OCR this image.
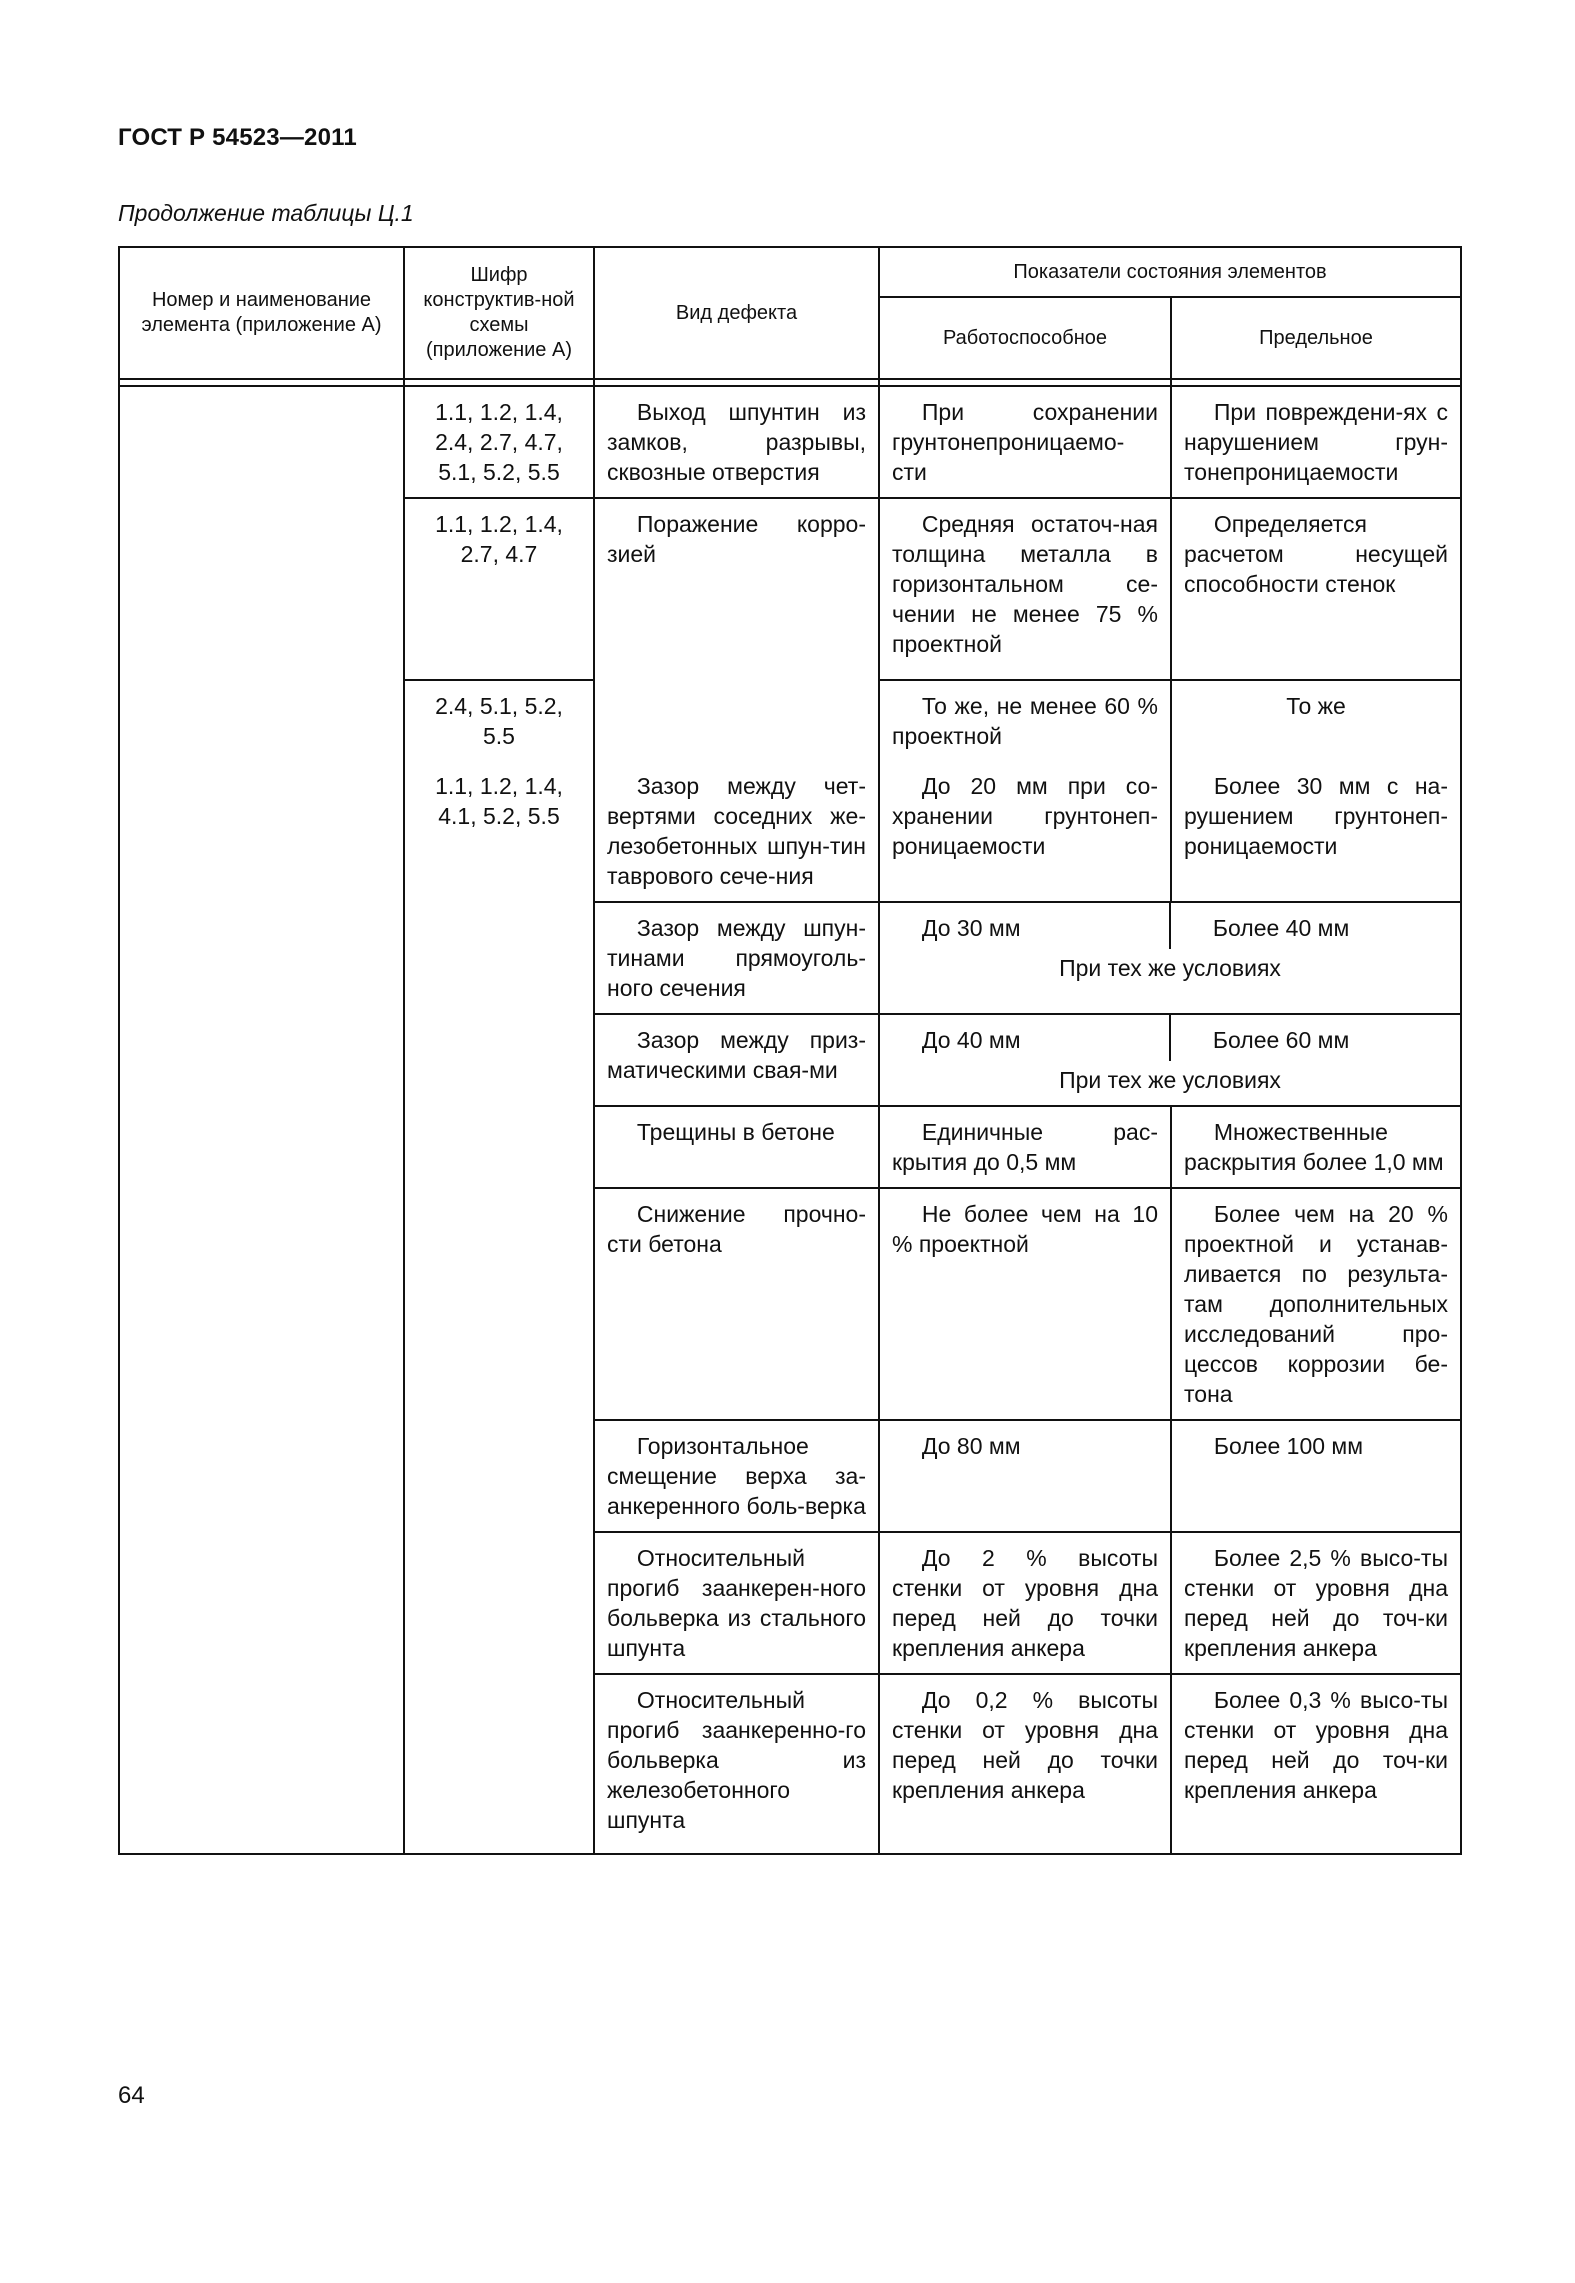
ГОСТ Р 54523—2011
Продолжение таблицы Ц.1
Номер и наименование элемента (приложение А)	Шифр конструктив-ной схемы (приложение А)	Вид дефекта	Показатели состояния элементов	
			Работоспособное	Предельное

	1.1, 1.2, 1.4, 2.4, 2.7, 4.7, 5.1, 5.2, 5.5	Выход шпунтин из замков, разрывы, сквозные отверстия	При сохранении грунтонепроницаемо-сти	При повреждени-ях с нарушением грун-тонепроницаемости
	1.1, 1.2, 1.4, 2.7, 4.7	Поражение корро-зией	Средняя остаточ-ная толщина металла в горизонтальном се-чении не менее 75 % проектной	Определяется расчетом несущей способности стенок
	2.4, 5.1, 5.2, 5.5		То же, не менее 60 % проектной	То же
	1.1, 1.2, 1.4, 4.1, 5.2, 5.5	Зазор между чет-вертями соседних же-лезобетонных шпун-тин таврового сече-ния	До 20 мм при со-хранении грунтонеп-роницаемости	Более 30 мм с на-рушением грунтонеп-роницаемости
		Зазор между шпун-тинами прямоуголь-ного сечения	До 30 мм Более 40 мм
При тех же условиях	

		Зазор между приз-матическими свая-ми	До 40 мм Более 60 мм
При тех же условиях	

		Трещины в бетоне	Единичные рас-крытия до 0,5 мм	Множественные раскрытия более 1,0 мм
		Снижение прочно-сти бетона	Не более чем на 10 % проектной	Более чем на 20 % проектной и устанав-ливается по результа-там дополнительных исследований про-цессов коррозии бе-тона
		Горизонтальное смещение верха за-анкеренного боль-верка	До 80 мм	Более 100 мм
		Относительный прогиб заанкерен-ного больверка из стального шпунта	До 2 % высоты стенки от уровня дна перед ней до точки крепления анкера	Более 2,5 % высо-ты стенки от уровня дна перед ней до точ-ки крепления анкера
		Относительный прогиб заанкеренно-го больверка из железобетонного шпунта	До 0,2 % высоты стенки от уровня дна перед ней до точки крепления анкера	Более 0,3 % высо-ты стенки от уровня дна перед ней до точ-ки крепления анкера
64
